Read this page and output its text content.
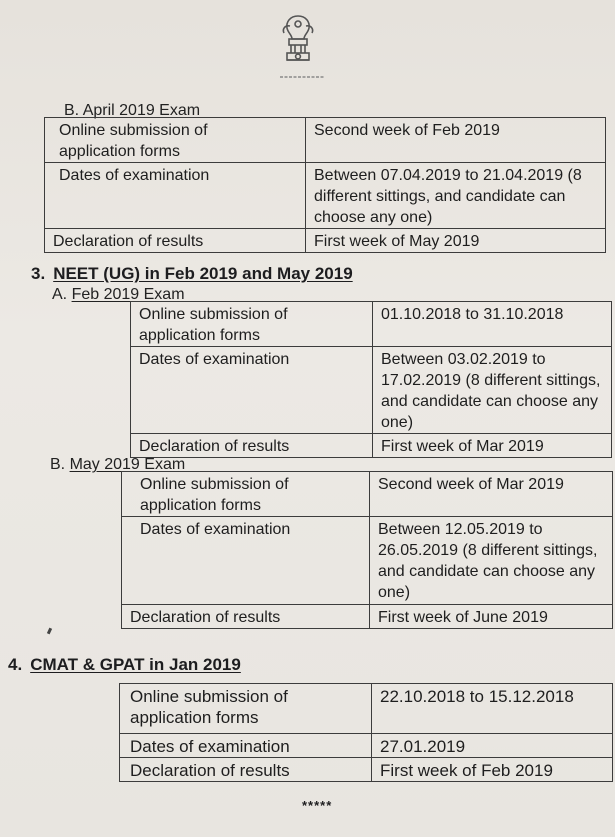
B. April 2019 Exam
Online submission of application forms	Second week of Feb 2019
Dates of examination	Between 07.04.2019 to 21.04.2019 (8 different sittings, and candidate can choose any one)
Declaration of results	First week of May 2019
3. NEET (UG) in Feb 2019 and May 2019
A. Feb 2019 Exam
Online submission of application forms	01.10.2018 to 31.10.2018
Dates of examination	Between 03.02.2019 to 17.02.2019 (8 different sittings, and candidate can choose any one)
Declaration of results	First week of Mar 2019
B. May 2019 Exam
Online submission of application forms	Second week of Mar 2019
Dates of examination	Between 12.05.2019 to 26.05.2019 (8 different sittings, and candidate can choose any one)
Declaration of results	First week of June 2019
4. CMAT & GPAT in Jan 2019
Online submission of application forms	22.10.2018 to 15.12.2018
Dates of examination	27.01.2019
Declaration of results	First week of Feb 2019
*****
